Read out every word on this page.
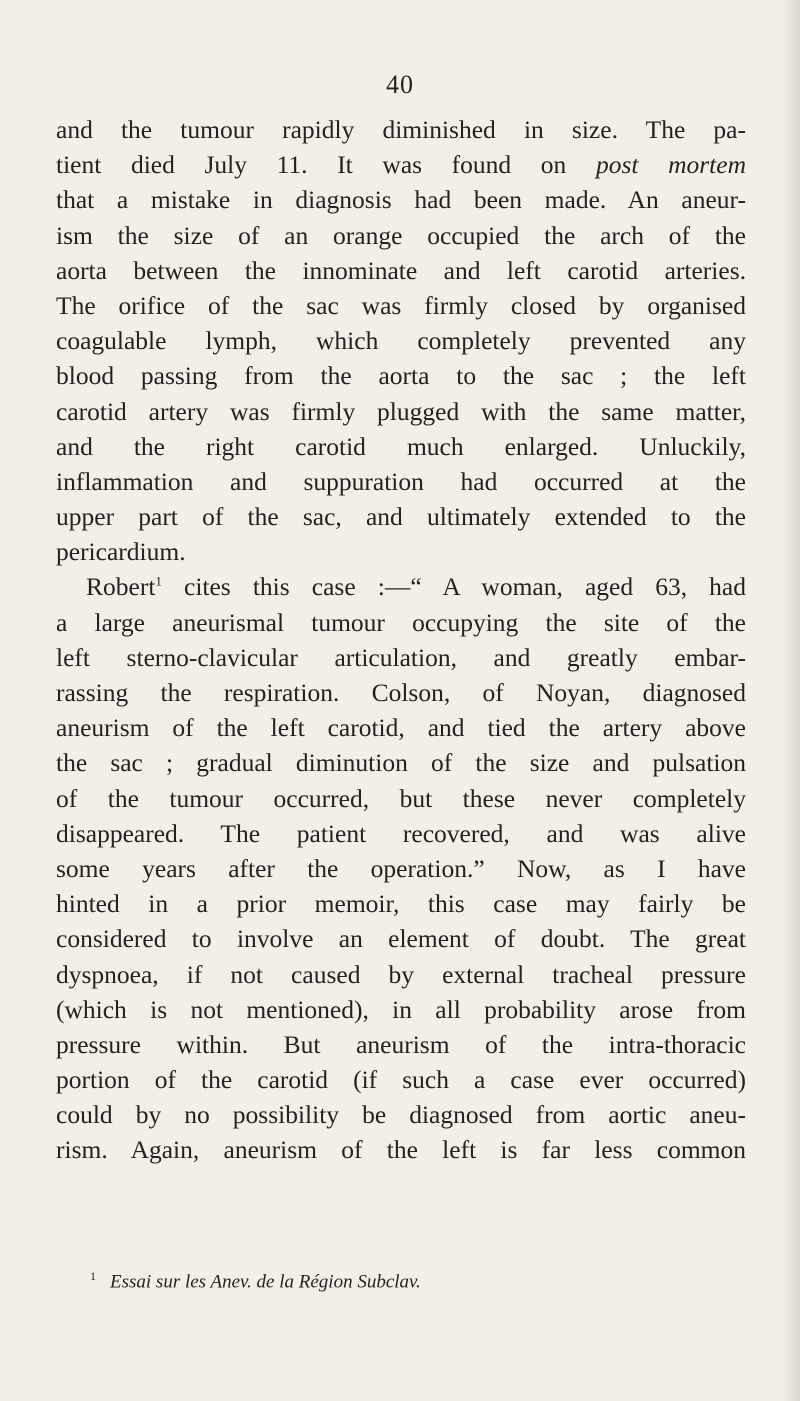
40
and the tumour rapidly diminished in size. The pa-
tient died July 11. It was found on post mortem
that a mistake in diagnosis had been made. An aneur-
ism the size of an orange occupied the arch of the
aorta between the innominate and left carotid arteries.
The orifice of the sac was firmly closed by organised
coagulable lymph, which completely prevented any
blood passing from the aorta to the sac ; the left
carotid artery was firmly plugged with the same matter,
and the right carotid much enlarged. Unluckily,
inflammation and suppuration had occurred at the
upper part of the sac, and ultimately extended to the
pericardium.
Robert$^1$ cites this case :—“ A woman, aged 63, had
a large aneurismal tumour occupying the site of the
left sterno-clavicular articulation, and greatly embar-
rassing the respiration. Colson, of Noyan, diagnosed
aneurism of the left carotid, and tied the artery above
the sac ; gradual diminution of the size and pulsation
of the tumour occurred, but these never completely
disappeared. The patient recovered, and was alive
some years after the operation.” Now, as I have
hinted in a prior memoir, this case may fairly be
considered to involve an element of doubt. The great
dyspnoea, if not caused by external tracheal pressure
(which is not mentioned), in all probability arose from
pressure within. But aneurism of the intra-thoracic
portion of the carotid (if such a case ever occurred)
could by no possibility be diagnosed from aortic aneu-
rism. Again, aneurism of the left is far less common
$^1$ Essai sur les Anev. de la Région Subclav.
